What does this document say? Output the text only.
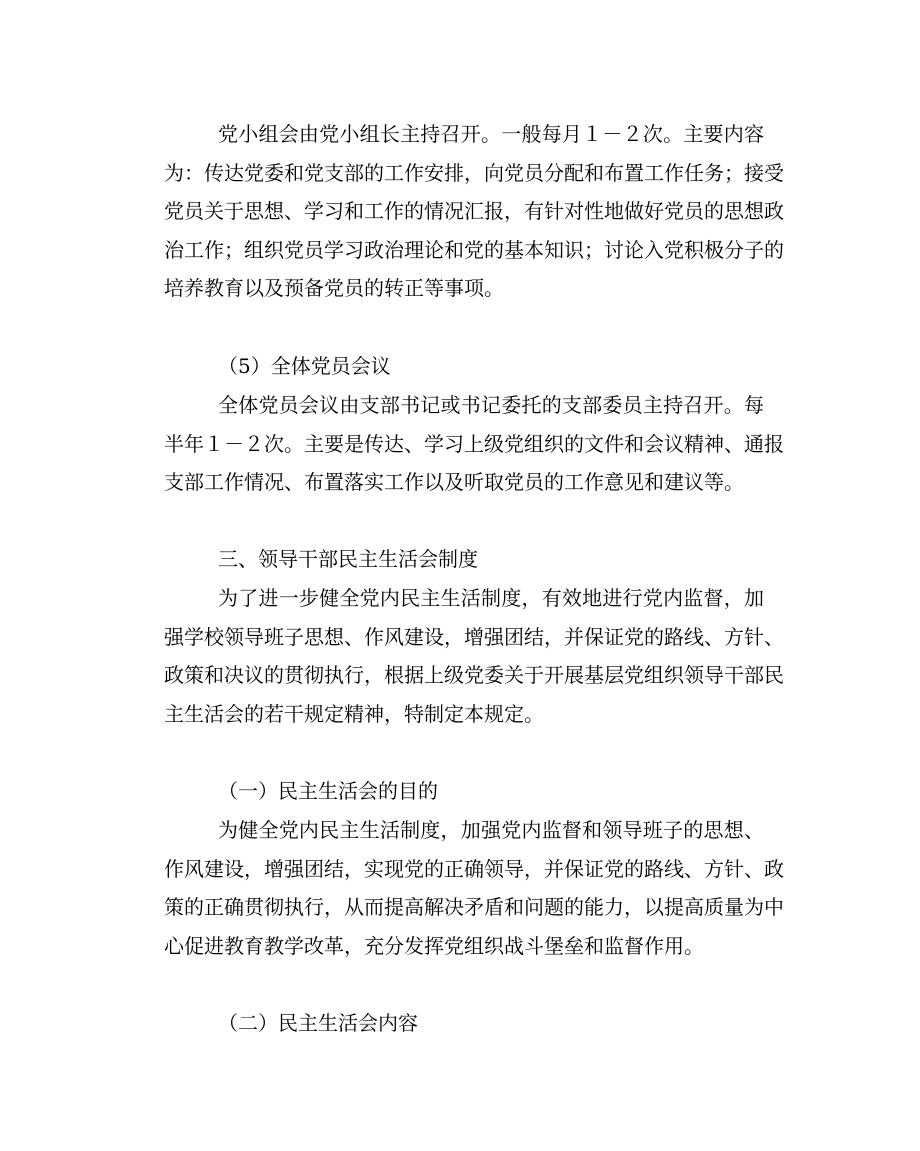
党小组会由党小组长主持召开。一般每月１－２次。主要内容
为：传达党委和党支部的工作安排，向党员分配和布置工作任务；接受
党员关于思想、学习和工作的情况汇报，有针对性地做好党员的思想政
治工作；组织党员学习政治理论和党的基本知识；讨论入党积极分子的
培养教育以及预备党员的转正等事项。
（5）全体党员会议
全体党员会议由支部书记或书记委托的支部委员主持召开。每
半年１－２次。主要是传达、学习上级党组织的文件和会议精神、通报
支部工作情况、布置落实工作以及听取党员的工作意见和建议等。
三、领导干部民主生活会制度
为了进一步健全党内民主生活制度，有效地进行党内监督，加
强学校领导班子思想、作风建设，增强团结，并保证党的路线、方针、
政策和决议的贯彻执行，根据上级党委关于开展基层党组织领导干部民
主生活会的若干规定精神，特制定本规定。
（一）民主生活会的目的
为健全党内民主生活制度，加强党内监督和领导班子的思想、
作风建设，增强团结，实现党的正确领导，并保证党的路线、方针、政
策的正确贯彻执行，从而提高解决矛盾和问题的能力，以提高质量为中
心促进教育教学改革，充分发挥党组织战斗堡垒和监督作用。
（二）民主生活会内容
